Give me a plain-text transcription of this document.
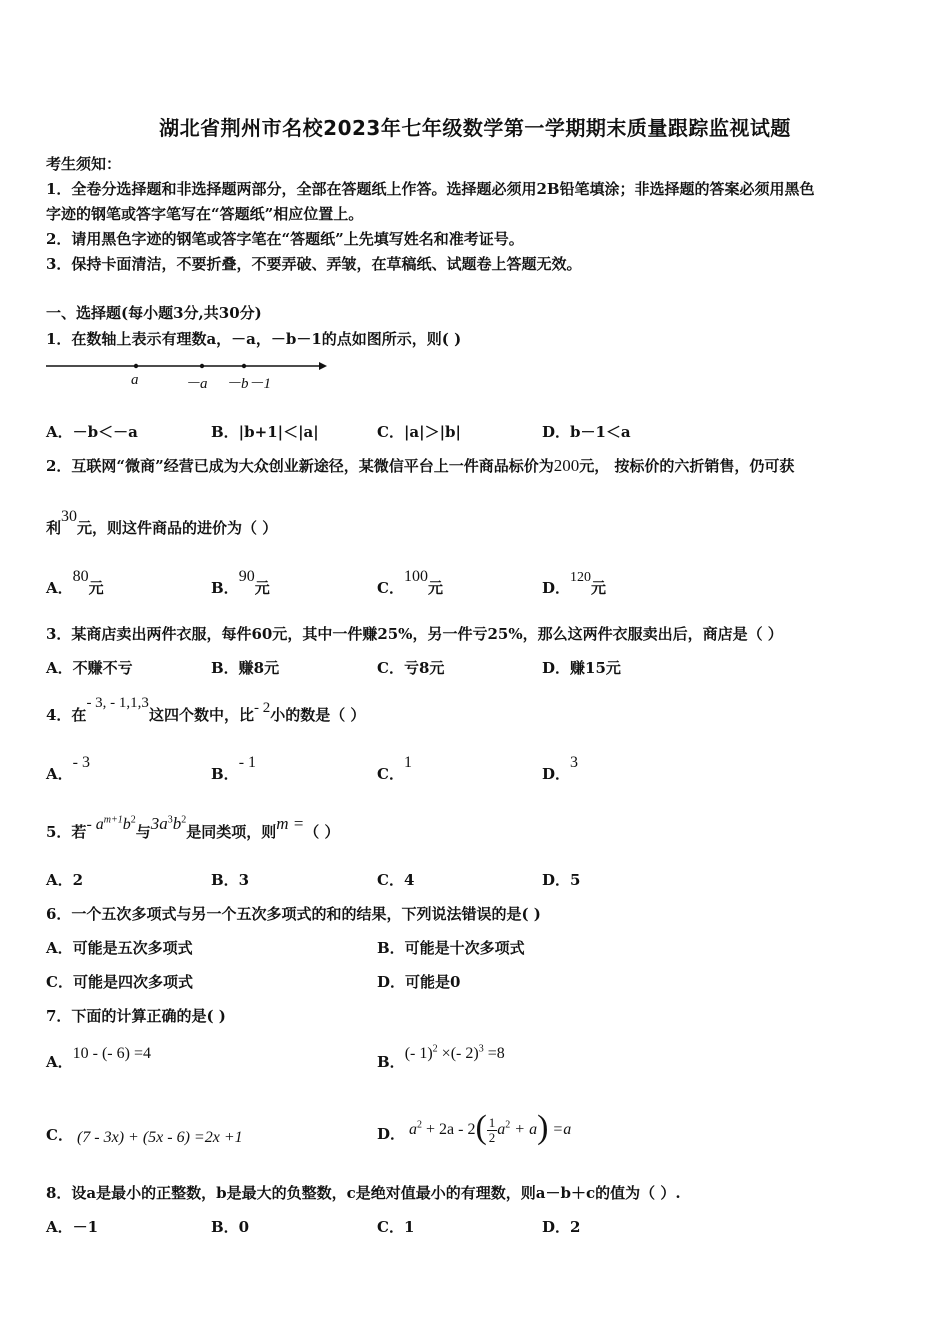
湖北省荆州市名校2023年七年级数学第一学期期末质量跟踪监视试题
考生须知：
1．全卷分选择题和非选择题两部分，全部在答题纸上作答。选择题必须用2B铅笔填涂；非选择题的答案必须用黑色
字迹的钢笔或答字笔写在“答题纸”相应位置上。
2．请用黑色字迹的钢笔或答字笔在“答题纸”上先填写姓名和准考证号。
3．保持卡面清洁，不要折叠，不要弄破、弄皱，在草稿纸、试题卷上答题无效。
一、选择题(每小题3分,共30分)
1．在数轴上表示有理数a，－a，－b－1的点如图所示，则( )
a	－a －b－1
A．－b＜－a	B．|b+1|＜|a|	C．|a|＞|b|	D．b－1＜a
2．互联网“微商”经营已成为大众创业新途径，某微信平台上一件商品标价为200元， 按标价的六折销售，仍可获
利30元，则这件商品的进价为（ ）
A．80元	B．90元	C．100元	D．120元
3．某商店卖出两件衣服，每件60元，其中一件赚25%，另一件亏25%，那么这两件衣服卖出后，商店是（ ）
A．不赚不亏	B．赚8元	C．亏8元	D．赚15元
4．在- 3, - 1,1,3这四个数中，比- 2小的数是（ ）
A．- 3
B．- 1
C．1
D．3
5．若- $a^{m+1}b^2$与$3a^3b^2$是同类项，则m =（ ）
A．2	B．3	C．4	D．5
6．一个五次多项式与另一个五次多项式的和的结果，下列说法错误的是( )
A．可能是五次多项式	B．可能是十次多项式
C．可能是四次多项式	D．可能是0
7．下面的计算正确的是( )
A．10 - (- 6) =4	B．(- 1)$^2$ ×(- 2)$^3$ =8
C． (7 - 3x) + (5x - 6) =2x +1	D． $a^2 + 2a - 2( \frac{1}{2} a^2 + a) =a$
8．设a是最小的正整数，b是最大的负整数，c是绝对值最小的有理数，则a－b＋c的值为（ ）.
A．－1	B．0	C．1	D．2
